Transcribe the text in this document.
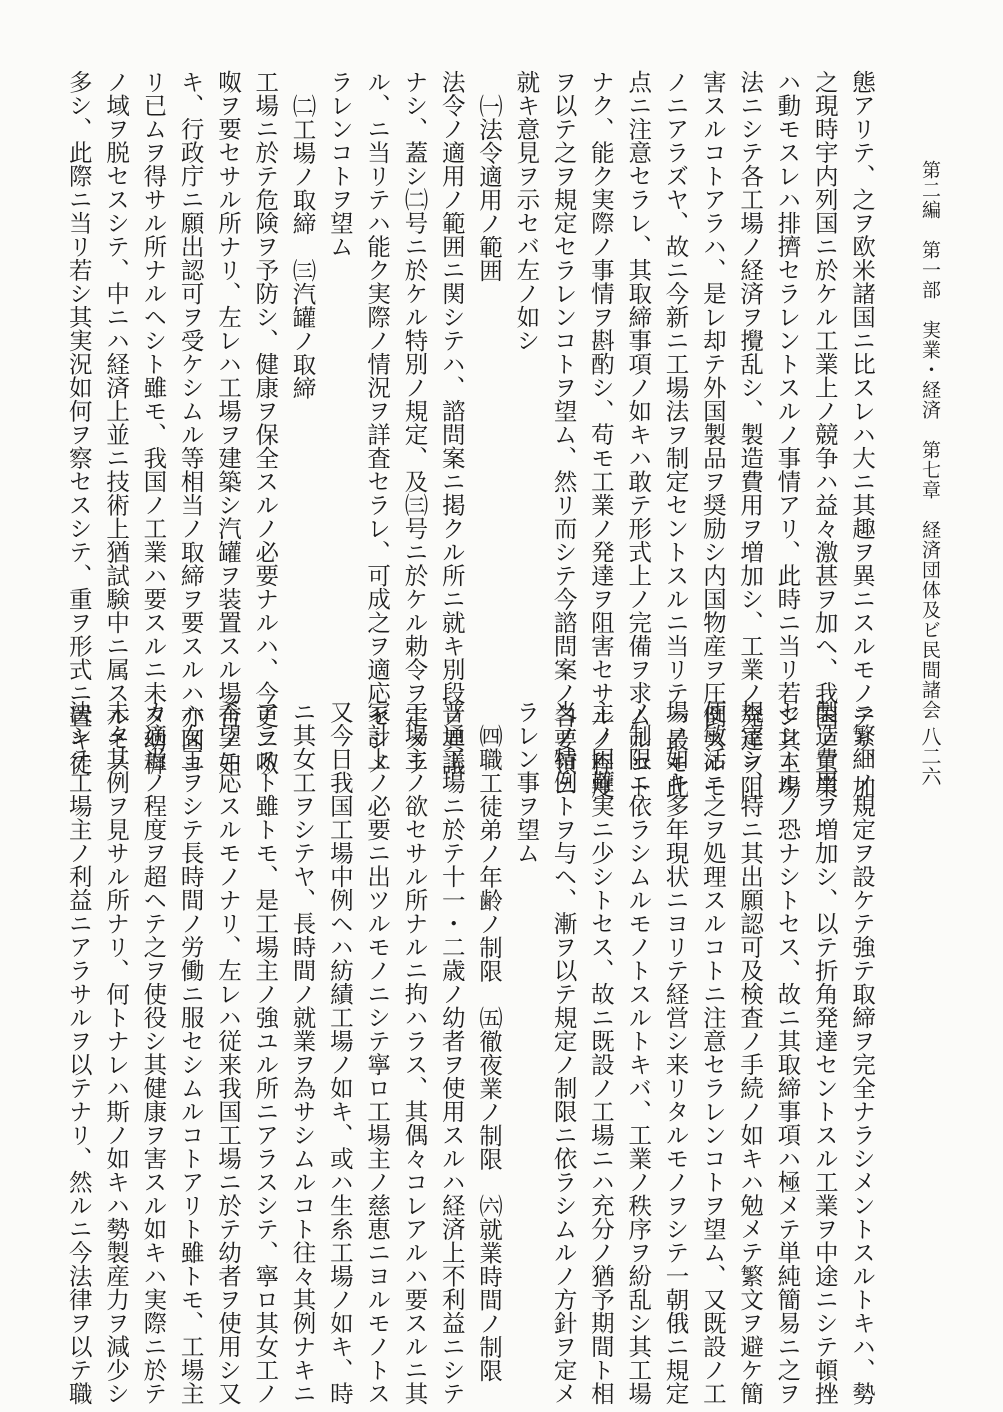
第二編　第一部　実業・経済　第七章　経済団体及ビ民間諸会
八二六
態アリテ、之ヲ欧米諸国ニ比スレハ大ニ其趣ヲ異ニスルモノアリ、加
之現時宇内列国ニ於ケル工業上ノ競争ハ益々激甚ヲ加ヘ、我国ノ工業
ハ動モスレハ排擠セラレントスルノ事情アリ、此時ニ当リ若シ其工場
法ニシテ各工場ノ経済ヲ攪乱シ、製造費用ヲ増加シ、工業ノ発達ヲ阻
害スルコトアラハ、是レ却テ外国製品ヲ奨励シ内国物産ヲ圧倒スルモ
ノニアラズヤ、故ニ今新ニ工場法ヲ制定セントスルニ当リテハ最モ此
点ニ注意セラレ、其取締事項ノ如キハ敢テ形式上ノ完備ヲ求ムルコト
ナク、能ク実際ノ事情ヲ斟酌シ、苟モ工業ノ発達ヲ阻害セサルノ程度
ヲ以テ之ヲ規定セラレンコトヲ望ム、然リ而シテ今諮問案ノ各要領ニ
就キ意見ヲ示セバ左ノ如シ
㈠法令適用ノ範囲
法令ノ適用ノ範囲ニ関シテハ、諮問案ニ掲クル所ニ就キ別段ノ異議
ナシ、蓋シ㈡号ニ於ケル特別ノ規定、及㈢号ニ於ケル勅令ヲ定メラ
ル、ニ当リテハ能ク実際ノ情況ヲ詳査セラレ、可成之ヲ適応セシメ
ラレンコトヲ望ム
㈡工場ノ取締　㈢汽罐ノ取締
工場ニ於テ危険ヲ予防シ、健康ヲ保全スルノ必要ナルハ、今更ニ呶
呶ヲ要セサル所ナリ、左レハ工場ヲ建築シ汽罐ヲ装置スル場合ノ如
キ、行政庁ニ願出認可ヲ受ケシムル等相当ノ取締ヲ要スルハ亦固ヨ
リ已ムヲ得サル所ナルヘシト雖モ、我国ノ工業ハ要スルニ未タ幼穉
ノ域ヲ脱セスシテ、中ニハ経済上並ニ技術上猶試験中ニ属スルモノ
多シ、此際ニ当リ若シ其実況如何ヲ察セスシテ、重ヲ形式ニ置キ徒
ニ繁細ノ規定ヲ設ケテ強テ取締ヲ完全ナラシメントスルトキハ、勢
製造費用ヲ増加シ、以テ折角発達セントスル工業ヲ中途ニシテ頓挫
セシムルノ恐ナシトセス、故ニ其取締事項ハ極メテ単純簡易ニ之ヲ
規定シ、特ニ其出願認可及検査ノ手続ノ如キハ勉メテ繁文ヲ避ケ簡
便敏活ニ之ヲ処理スルコトニ注意セラレンコトヲ望ム、又既設ノ工
場ノ如キ多年現状ニヨリテ経営シ来リタルモノヲシテ一朝俄ニ規定
ノ制限ニ依ラシムルモノトスルトキバ、工業ノ秩序ヲ紛乱シ其工場
主ノ困難実ニ少シトセス、故ニ既設ノ工場ニハ充分ノ猶予期間ト相
当ノ特例トヲ与ヘ、漸ヲ以テ規定ノ制限ニ依ラシムルノ方針ヲ定メ
ラレン事ヲ望ム
㈣職工徒弟ノ年齢ノ制限　㈤徹夜業ノ制限　㈥就業時間ノ制限
普通工場ニ於テ十一・二歳ノ幼者ヲ使用スルハ経済上不利益ニシテ
工場主ノ欲セサル所ナルニ拘ハラス、其偶々コレアルハ要スルニ其
家計上ノ必要ニ出ツルモノニシテ寧ロ工場主ノ慈恵ニヨルモノトス
又今日我国工場中例ヘハ紡績工場ノ如キ、或ハ生糸工場ノ如キ、時
ニ其女工ヲシテヤ、長時間ノ就業ヲ為サシムルコト往々其例ナキニ
アラスト雖トモ、是工場主ノ強ユル所ニアラスシテ、寧ロ其女工ノ
希望ニ応スルモノナリ、左レハ従来我国工場ニ於テ幼者ヲ使用シ又
ハ女工ヲシテ長時間ノ労働ニ服セシムルコトアリト雖トモ、工場主
カ適当ノ程度ヲ超ヘテ之ヲ使役シ其健康ヲ害スル如キハ実際ニ於テ
未タ其例ヲ見サル所ナリ、何トナレハ斯ノ如キハ勢製産力ヲ減少シ
決シテ工場主ノ利益ニアラサルヲ以テナリ、然ルニ今法律ヲ以テ職
